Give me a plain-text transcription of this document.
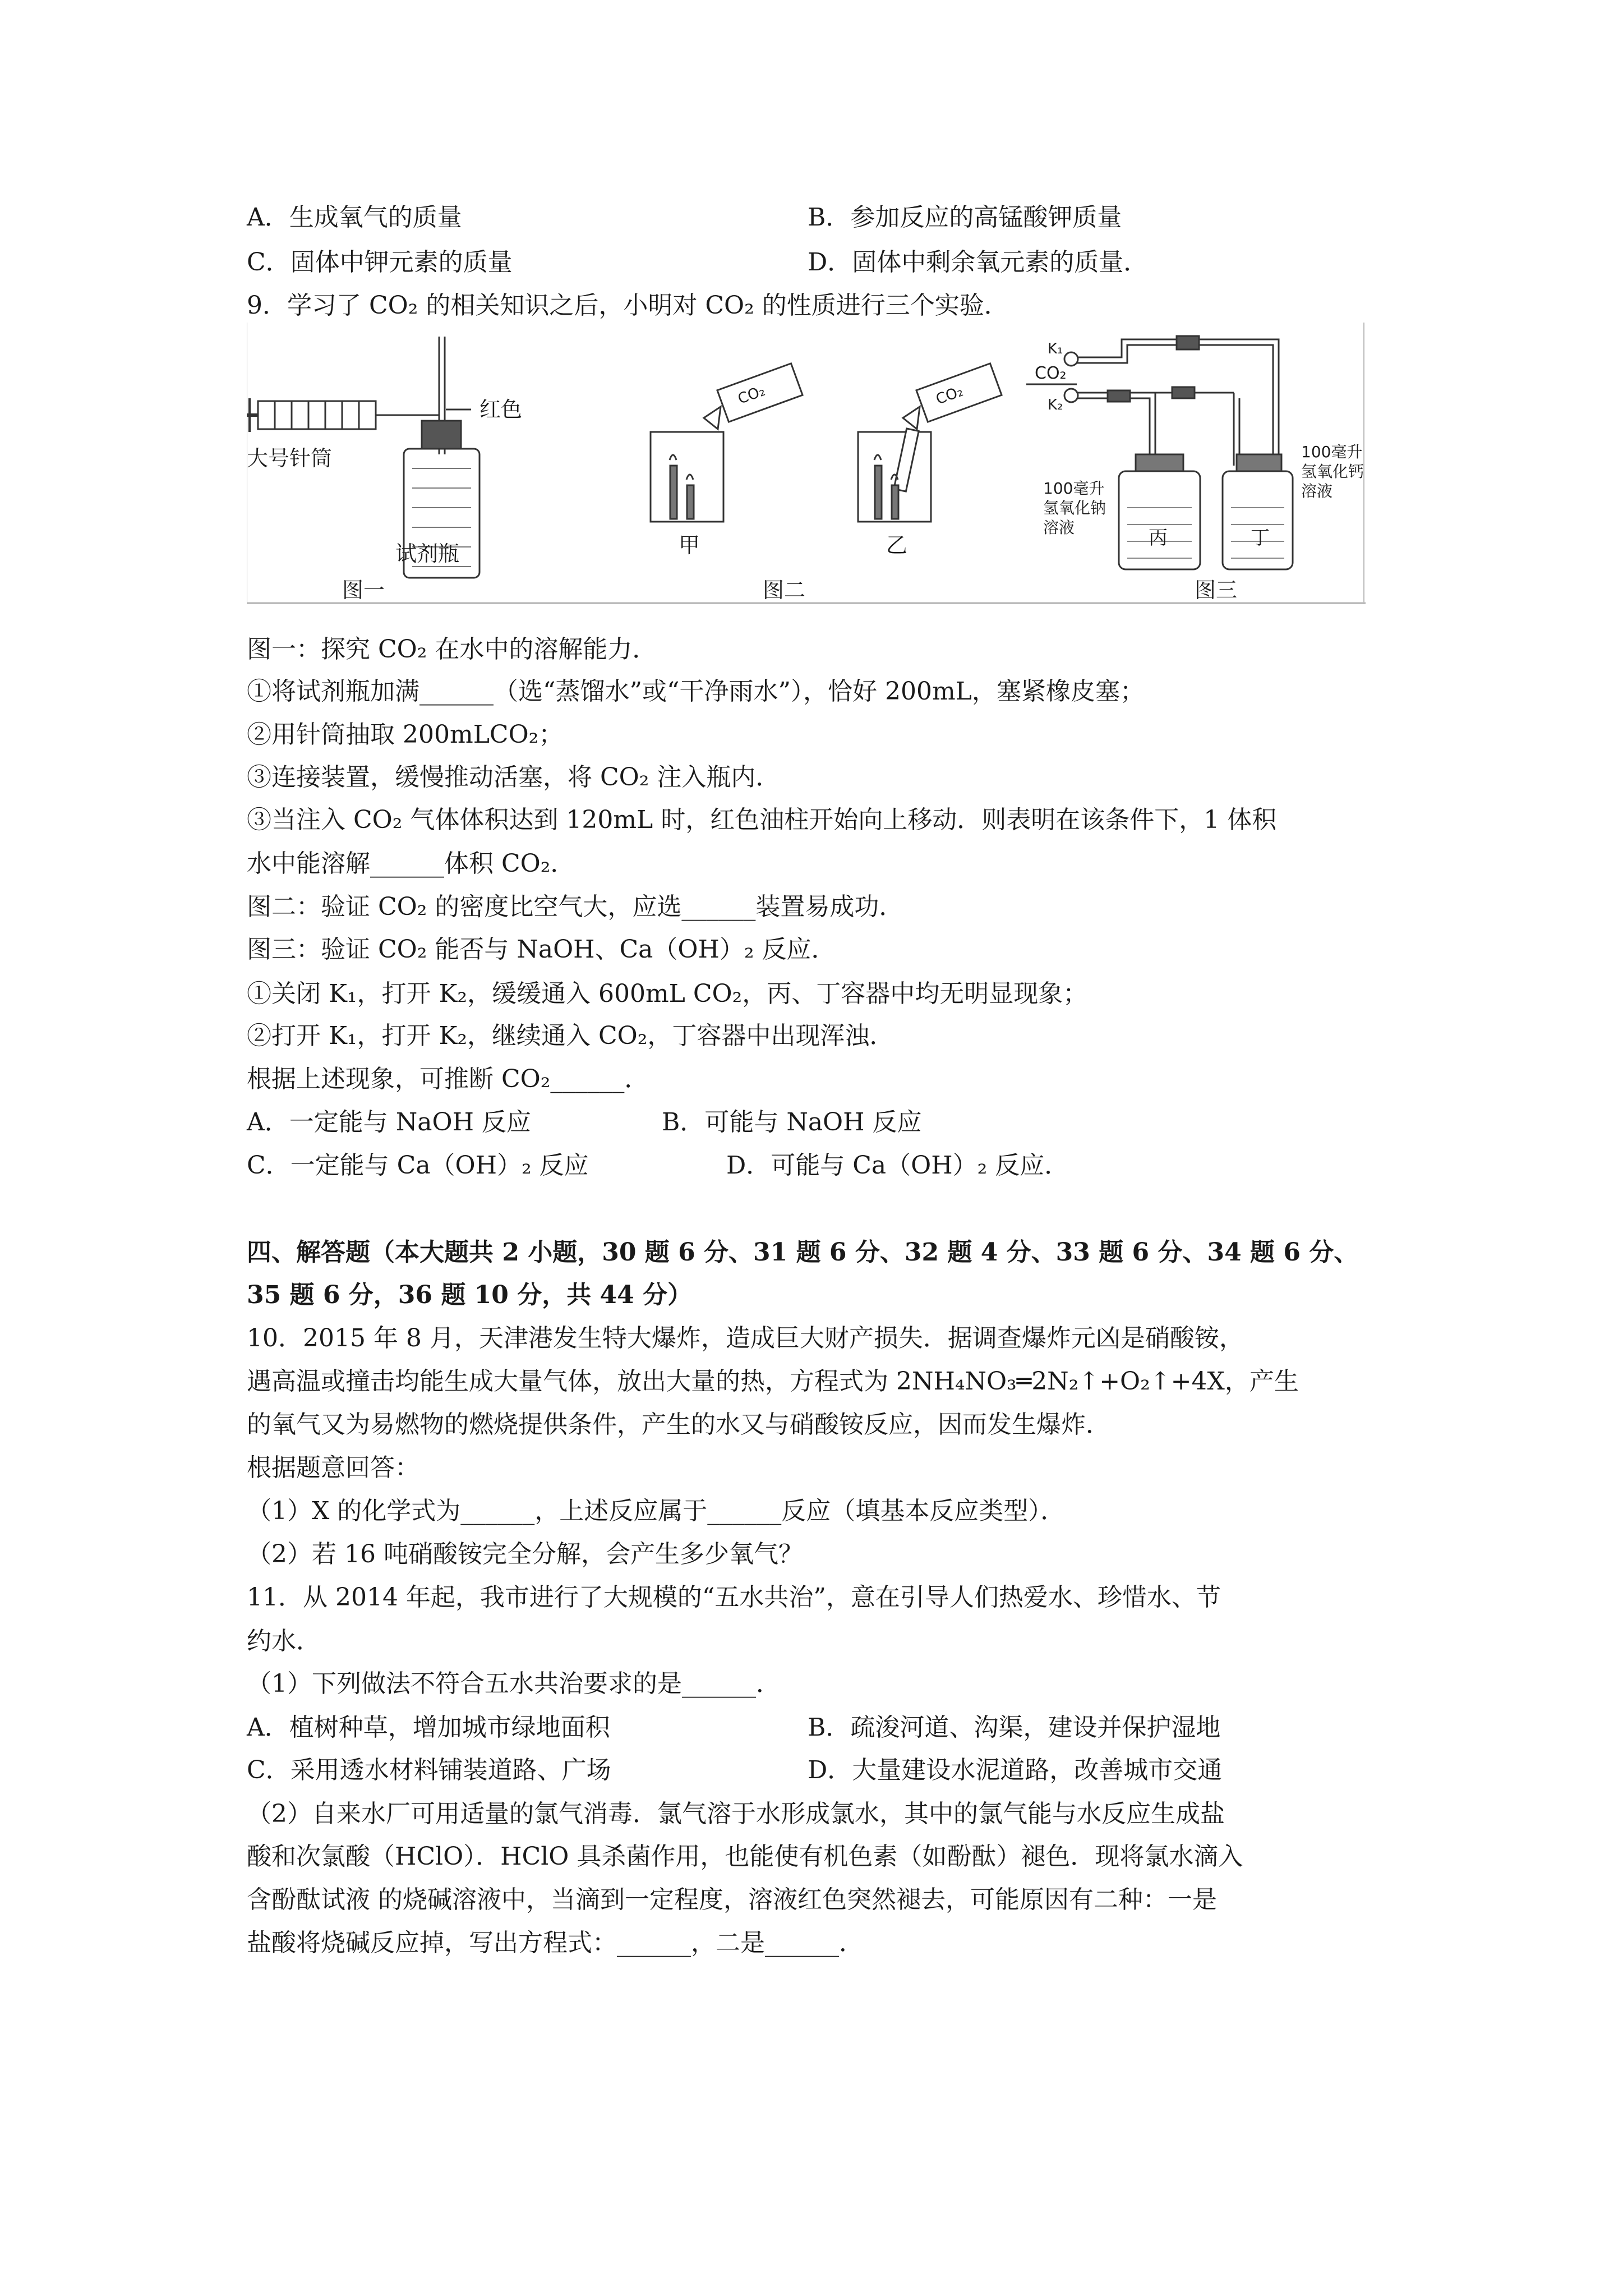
A．生成氧气的质量	B．参加反应的高锰酸钾质量
C．固体中钾元素的质量	D．固体中剩余氧元素的质量．
9．学习了 CO₂ 的相关知识之后，小明对 CO₂ 的性质进行三个实验．
大号针筒
红色
试剂瓶
图一
CO₂	CO₂
甲	乙
图二
CO₂
K₁
K₂
100毫升
氢氧化钠
溶液
100毫升
氢氧化钙
溶液
丙	丁
图三
图一：探究 CO₂ 在水中的溶解能力．
①将试剂瓶加满______（选“蒸馏水”或“干净雨水”），恰好 200mL，塞紧橡皮塞；
②用针筒抽取 200mLCO₂；
③连接装置，缓慢推动活塞，将 CO₂ 注入瓶内．
③当注入 CO₂ 气体体积达到 120mL 时，红色油柱开始向上移动．则表明在该条件下，1 体积
水中能溶解______体积 CO₂．
图二：验证 CO₂ 的密度比空气大，应选______装置易成功．
图三：验证 CO₂ 能否与 NaOH、Ca（OH）₂ 反应．
①关闭 K₁，打开 K₂，缓缓通入 600mL CO₂，丙、丁容器中均无明显现象；
②打开 K₁，打开 K₂，继续通入 CO₂，丁容器中出现浑浊．
根据上述现象，可推断 CO₂______．
A．一定能与 NaOH 反应	B．可能与 NaOH 反应
C．一定能与 Ca（OH）₂ 反应	D．可能与 Ca（OH）₂ 反应．
四、解答题（本大题共 2 小题，30 题 6 分、31 题 6 分、32 题 4 分、33 题 6 分、34 题 6 分、
35 题 6 分，36 题 10 分，共 44 分）
10．2015 年 8 月，天津港发生特大爆炸，造成巨大财产损失．据调查爆炸元凶是硝酸铵，
遇高温或撞击均能生成大量气体，放出大量的热，方程式为 2NH₄NO₃═2N₂↑+O₂↑+4X，产生
的氧气又为易燃物的燃烧提供条件，产生的水又与硝酸铵反应，因而发生爆炸．
根据题意回答：
（1）X 的化学式为______，上述反应属于______反应（填基本反应类型）．
（2）若 16 吨硝酸铵完全分解，会产生多少氧气？
11．从 2014 年起，我市进行了大规模的“五水共治”，意在引导人们热爱水、珍惜水、节
约水．
（1）下列做法不符合五水共治要求的是______．
A．植树种草，增加城市绿地面积	B．疏浚河道、沟渠，建设并保护湿地
C．采用透水材料铺装道路、广场	D．大量建设水泥道路，改善城市交通
（2）自来水厂可用适量的氯气消毒．氯气溶于水形成氯水，其中的氯气能与水反应生成盐
酸和次氯酸（HClO）．HClO 具杀菌作用，也能使有机色素（如酚酞）褪色．现将氯水滴入
含酚酞试液 的烧碱溶液中，当滴到一定程度，溶液红色突然褪去，可能原因有二种：一是
盐酸将烧碱反应掉，写出方程式：______，二是______．
